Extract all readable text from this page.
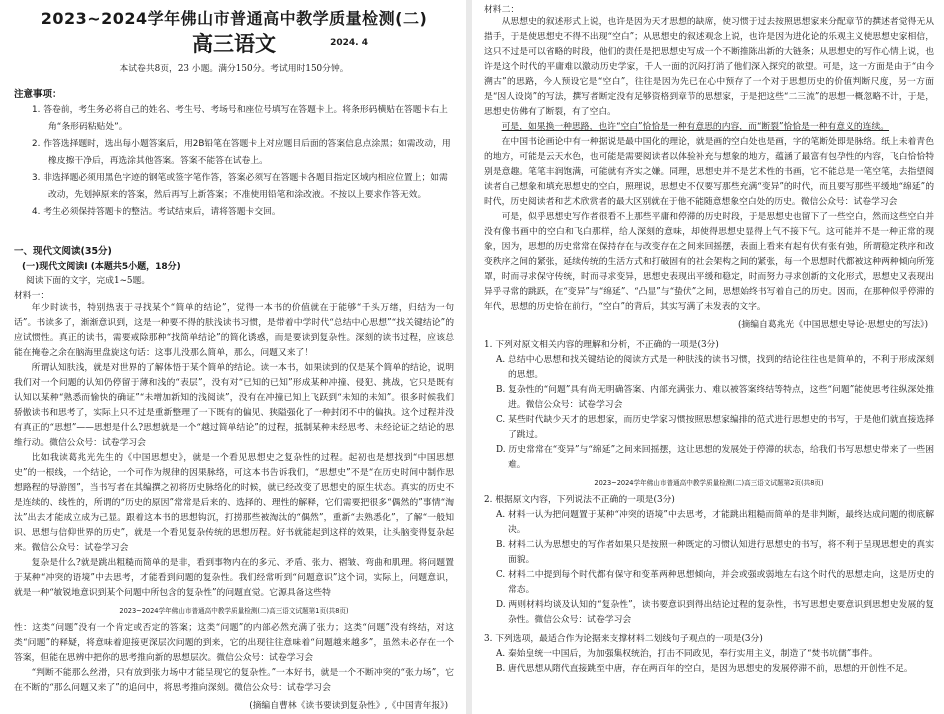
2023~2024学年佛山市普通高中教学质量检测(二)
高三语文	2024. 4
本试卷共8页，23 小题。满分150分。考试用时150分钟。
注意事项：
1. 答卷前，考生务必将自己的姓名、考生号、考场号和座位号填写在答题卡上。将条形码横贴在答题卡右上角“条形码粘贴处”。
2. 作答选择题时，选出每小题答案后，用2B铅笔在答题卡上对应题目后面的答案信息点涂黑；如需改动，用橡皮擦干净后，再选涂其他答案。答案不能答在试卷上。
3. 非选择题必须用黑色字迹的钢笔或签字笔作答，答案必须写在答题卡各题目指定区域内相应位置上；如需改动，先划掉原来的答案，然后再写上新答案；不准使用铅笔和涂改液。不按以上要求作答无效。
4. 考生必须保持答题卡的整洁。考试结束后，请将答题卡交回。
一、现代文阅读(35分)
(一)现代文阅读Ⅰ (本题共5小题，18分)
阅读下面的文字，完成1~5题。
材料一：

年少时读书，特别热衷于寻找某个“简单的结论”，觉得一本书的价值就在于能够“千头万绪，归结为一句话”。书读多了，渐渐意识到，这是一种要不得的肤浅读书习惯，是带着中学时代“总结中心思想”“找关键结论”的应试惯性。真正的读书，需要戒除那种“找简单结论”的简化诱惑，而是要读到复杂性。深刻的读书过程，应该总能在掩卷之余在脑海里盘旋这句话：这事儿没那么简单，那么，问题又来了！

所谓认知肤浅，就是对世界的了解体悟于某个简单的结论。读一本书，如果读到的仅是某个简单的结论，说明我们对一个问题的认知仍停留于薄和浅的“表层”，没有对“已知的已知”形成某种冲撞、侵犯、挑战，它只是既有认知以某种“熟悉而愉快的确证”“未增加新知的浅阅读”，没有在冲撞已知上飞跃到“未知的未知”。很多时候我们骄傲读书和思考了，实际上只不过是重新整理了一下既有的偏见、狭隘强化了一种封闭不中的偏执。这个过程并没有真正的“思想”——思想是什么?思想就是一个“越过简单结论”的过程，抵制某种未经思考、未经论证之结论的思维行动。微信公众号：试卷学习会

比如我读葛兆光先生的《中国思想史》，就是一个看见思想史之复杂性的过程。起初也是想找到“中国思想史”的一根线，一个结论，一个可作为规律的因果脉络，可这本书告诉我们，“思想史”不是“在历史时间中制作思想路程的导游图”，当书写者在其编撰之初将历史脉络化的时候，就已经改变了思想史的原生状态。真实的历史不是连续的、线性的，所谓的“历史的原因”常常是后来的、选择的、理性的解释，它们需要把很多“偶然的”事情“淘汰”出去才能成立成为己显。跟着这本书的思想钩沉，打捞那些被淘汰的“偶然”，重新“去熟悉化”，了解“一般知识、思想与信仰世界的历史”，就是一个看见复杂传统的思想历程。好书就能起到这样的效果，让头脑变得复杂起来。微信公众号：试卷学习会

复杂是什么?就是跳出粗糙而简单的是非，看到事物内在的多元、矛盾、张力、褶皱、弯曲和肌理。将问题置于某种“冲突的语境”中去思考，才能看到问题的复杂性。我们经常听到“问题意识”这个词，实际上，问题意识，就是一种“敏锐地意识到某个问题中所包含的复杂性”的问题直觉。它源具备这些特

2023~2024学年佛山市普通高中教学质量检测(二)高三语文试题第1页(共8页)

性：这类“问题”没有一个肯定或否定的答案；这类“问题”的内部必然充满了张力；这类“问题”没有终结，对这类“问题”的释疑，将意味着迎接更深层次问题的到来，它的出现往往意味着“问题越来越多”，虽然未必存在一个答案，但能在思辨中把你的思考推向新的思想层次。微信公众号：试卷学习会

“判断不能那么丝滑，只有放到张力场中才能呈现它的复杂性。”一本好书，就是一个不断冲突的“张力场”，它在不断的“那么问题又来了”的追问中，将思考推向深刻。微信公众号：试卷学习会

(摘编自曹林《读书要读到复杂性》,《中国青年报》)
材料二：

从思想史的叙述形式上说，也许是因为天才思想的缺席，使习惯于过去按照思想家来分配章节的撰述者觉得无从措手，于是使思想史不得不出现“空白”；从思想史的叙述观念上说，也许是因为进化论的乐观主义使思想史家相信，这只不过是可以省略的时段，他们的责任是把思想史写成一个不断推陈出新的大链条；从思想史的写作心情上说，也许是这个时代的平庸难以激动历史学家，千人一面的沉闷打消了他们深入探究的欲望。可是，这一方面是由于“由今溯古”的思路，今人预设它是“空白”，往往是因为先已在心中预存了一个对于思想历史的价值判断尺度，另一方面是“因人设岗”的写法，撰写者断定没有足够资格到章节的思想家，于是把这些“二三流”的思想一概忽略不计，于是，思想史仿佛有了断裂，有了空白。

可是，如果换一种思路，也许“空白”恰恰是一种有意思的内容，而“断裂”恰恰是一种有意义的连续。

在中国书论画论中有一种据说是最中国化的理论，就是画的空白处也是画，字的笔断处即是脉络。纸上未着青色的地方，可能是云天水色，也可能是需要阅读者以体验补充与想象的地方，蕴涵了最富有包孕性的内容，飞白恰恰特别是意趣。笔笔丰润饱满，可能就有齐实之嫌。同理，思想史并不是艺术性的书画，它不能总是一笔空笔，去指望阅读者自己想象和填充思想史的空白，照理说，思想史不仅要写那些充满“变异”的时代，而且要写那些平缓地“绵延”的时代，历史阅读者和艺术欣赏者的最大区别就在于他不能随意想象空白处的历史。微信公众号：试卷学习会

可是，似乎思想史写作者很看不上那些平庸和停滞的历史时段，于是思想史也留下了一些空白，然而这些空白并没有像书画中的空白和飞白那样，给人深刻的意味，却使得思想史显得上气不接下气。这可能并不是一种正常的现象，因为，思想的历史常常在保持存在与改变存在之间来回摇摆，表面上看来有起有伏有张有弛，所谓稳定秩序和改变秩序之间的紧张，延续传统的生活方式和打破固有的社会架构之间的紧张，每一个思想时代都被这种两种倾向所笼罩，时而寻求保守传统，时而寻求变异，思想史表现出平缓和稳定，时而努力寻求创新的文化形式，思想史又表现出异乎寻常的跳跃，在“变异”与“绵延”、“凸显”与“蛰伏”之间，思想始终书写着自己的历史。因而，在那种似乎停滞的年代，思想的历史恰在前行，“空白”的背后，其实写满了未发表的文字。

(摘编自葛兆光《中国思想史导论·思想史的写法》)
1. 下列对原文相关内容的理解和分析，不正确的一项是(3分)

A. 总结中心思想和找关键结论的阅读方式是一种肤浅的读书习惯，找到的结论往往也是简单的，不利于形成深刻的思想。

B. 复杂性的“问题”具有尚无明确答案、内部充满张力、难以被答案终结等特点，这些“问题”能使思考往纵深处推进。微信公众号：试卷学习会

C. 某些时代缺少天才的思想家，而历史学家习惯按照思想家编排的范式进行思想史的书写，于是他们就直接选择了跳过。

D. 历史常常在“变异”与“绵延”之间来回摇摆，这让思想的发展处于停滞的状态，给我们书写思想史带来了一些困难。

2023~2024学年佛山市普通高中教学质量检测(二)高三语文试题第2页(共8页)
2. 根据原文内容，下列说法不正确的一项是(3分)

A. 材料一认为把问题置于某种“冲突的语境”中去思考，才能跳出粗糙而简单的是非判断，最终达成问题的彻底解决。

B. 材料二认为思想史的写作者如果只是按照一种既定的习惯认知进行思想史的书写，将不利于呈现思想史的真实面貌。

C. 材料二中提到每个时代都有保守和变革两种思想倾向，并会或强或弱地左右这个时代的思想走向，这是历史的常态。

D. 两则材料均谈及认知的“复杂性”，读书要意识到得出结论过程的复杂性，书写思想史要意识到思想史发展的复杂性。微信公众号：试卷学习会

3. 下列选项，最适合作为论据来支撑材料二划线句子观点的一项是(3分)

A. 秦始皇统一中国后，为加强集权统治，打击不同政见，奉行实用主义，制造了“焚书坑儒”事件。

B. 唐代思想从隋代直接跳至中唐，存在两百年的空白，是因为思想史的发展停滞不前，思想的开创性不足。
